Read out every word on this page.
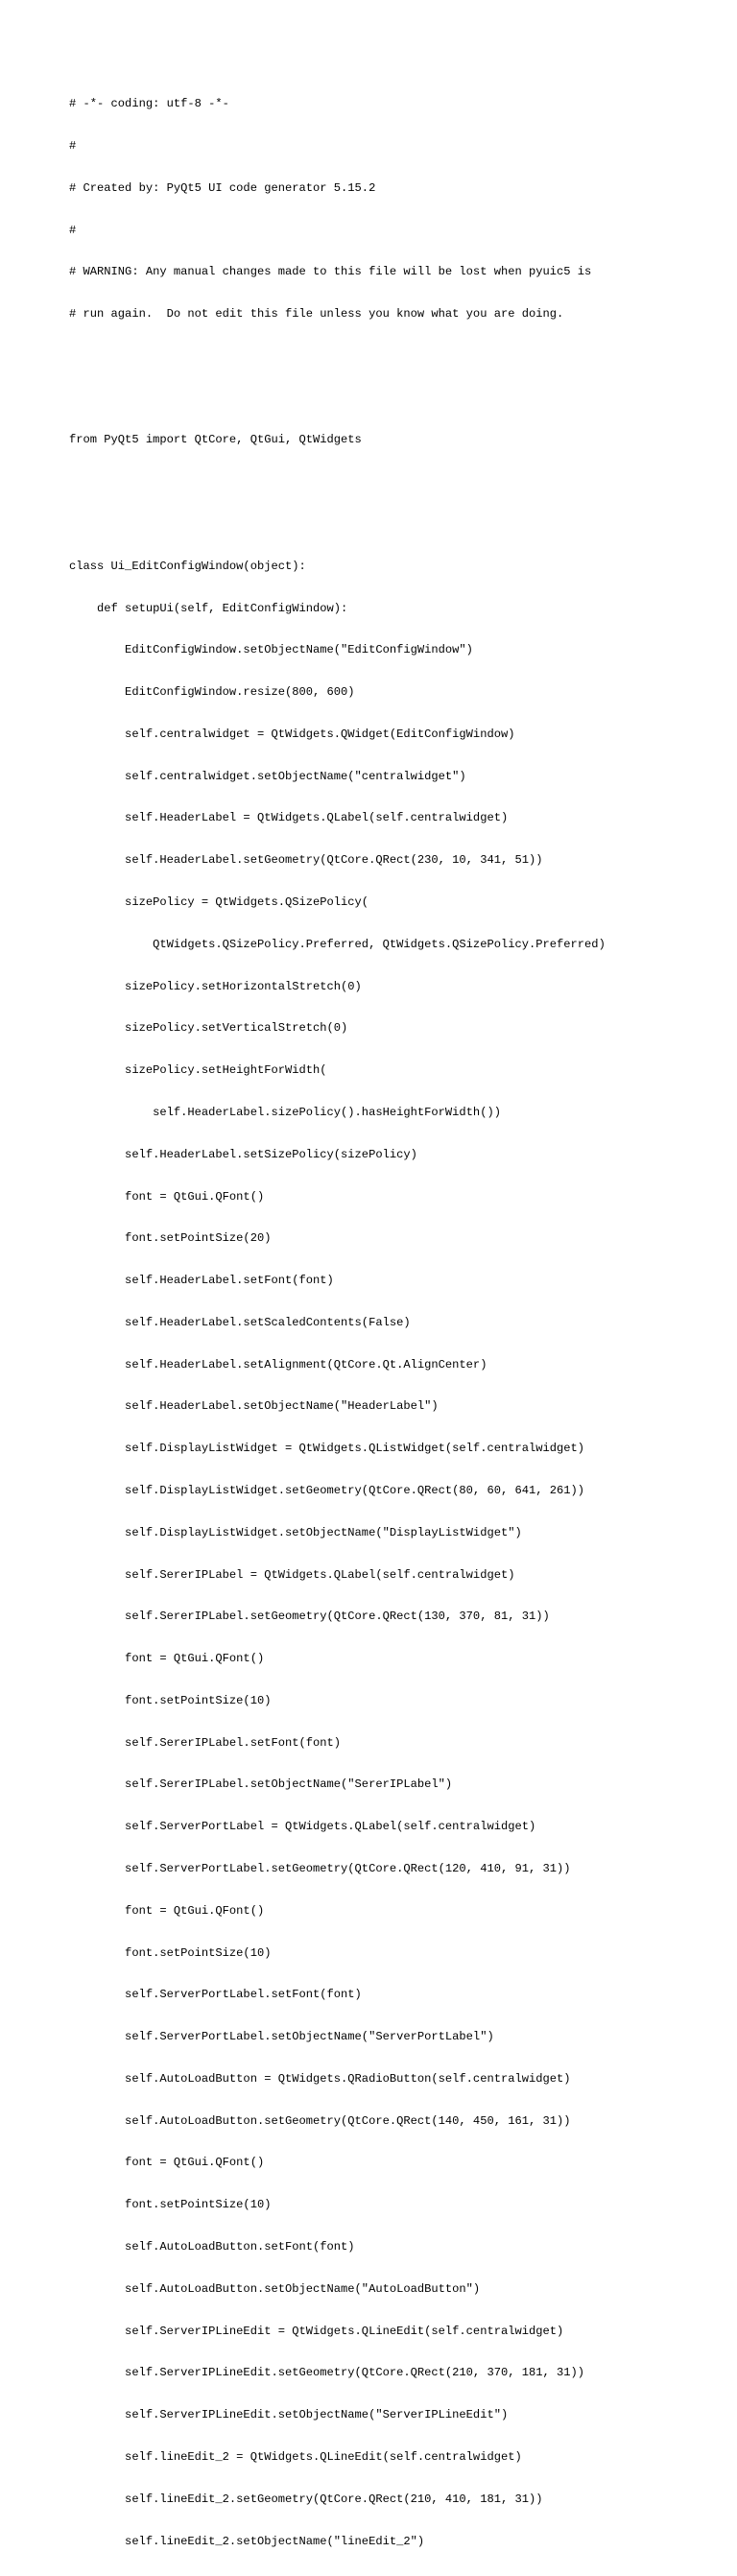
# -*- coding: utf-8 -*-

#

# Created by: PyQt5 UI code generator 5.15.2

#

# WARNING: Any manual changes made to this file will be lost when pyuic5 is

# run again.  Do not edit this file unless you know what you are doing.

from PyQt5 import QtCore, QtGui, QtWidgets

class Ui_EditConfigWindow(object):

def setupUi(self, EditConfigWindow):

EditConfigWindow.setObjectName("EditConfigWindow")

EditConfigWindow.resize(800, 600)

self.centralwidget = QtWidgets.QWidget(EditConfigWindow)

self.centralwidget.setObjectName("centralwidget")

self.HeaderLabel = QtWidgets.QLabel(self.centralwidget)

self.HeaderLabel.setGeometry(QtCore.QRect(230, 10, 341, 51))

sizePolicy = QtWidgets.QSizePolicy(

QtWidgets.QSizePolicy.Preferred, QtWidgets.QSizePolicy.Preferred)

sizePolicy.setHorizontalStretch(0)

sizePolicy.setVerticalStretch(0)

sizePolicy.setHeightForWidth(

self.HeaderLabel.sizePolicy().hasHeightForWidth())

self.HeaderLabel.setSizePolicy(sizePolicy)

font = QtGui.QFont()

font.setPointSize(20)

self.HeaderLabel.setFont(font)

self.HeaderLabel.setScaledContents(False)

self.HeaderLabel.setAlignment(QtCore.Qt.AlignCenter)

self.HeaderLabel.setObjectName("HeaderLabel")

self.DisplayListWidget = QtWidgets.QListWidget(self.centralwidget)

self.DisplayListWidget.setGeometry(QtCore.QRect(80, 60, 641, 261))

self.DisplayListWidget.setObjectName("DisplayListWidget")

self.SererIPLabel = QtWidgets.QLabel(self.centralwidget)

self.SererIPLabel.setGeometry(QtCore.QRect(130, 370, 81, 31))

font = QtGui.QFont()

font.setPointSize(10)

self.SererIPLabel.setFont(font)

self.SererIPLabel.setObjectName("SererIPLabel")

self.ServerPortLabel = QtWidgets.QLabel(self.centralwidget)

self.ServerPortLabel.setGeometry(QtCore.QRect(120, 410, 91, 31))

font = QtGui.QFont()

font.setPointSize(10)

self.ServerPortLabel.setFont(font)

self.ServerPortLabel.setObjectName("ServerPortLabel")

self.AutoLoadButton = QtWidgets.QRadioButton(self.centralwidget)

self.AutoLoadButton.setGeometry(QtCore.QRect(140, 450, 161, 31))

font = QtGui.QFont()

font.setPointSize(10)

self.AutoLoadButton.setFont(font)

self.AutoLoadButton.setObjectName("AutoLoadButton")

self.ServerIPLineEdit = QtWidgets.QLineEdit(self.centralwidget)

self.ServerIPLineEdit.setGeometry(QtCore.QRect(210, 370, 181, 31))

self.ServerIPLineEdit.setObjectName("ServerIPLineEdit")

self.lineEdit_2 = QtWidgets.QLineEdit(self.centralwidget)

self.lineEdit_2.setGeometry(QtCore.QRect(210, 410, 181, 31))

self.lineEdit_2.setObjectName("lineEdit_2")
